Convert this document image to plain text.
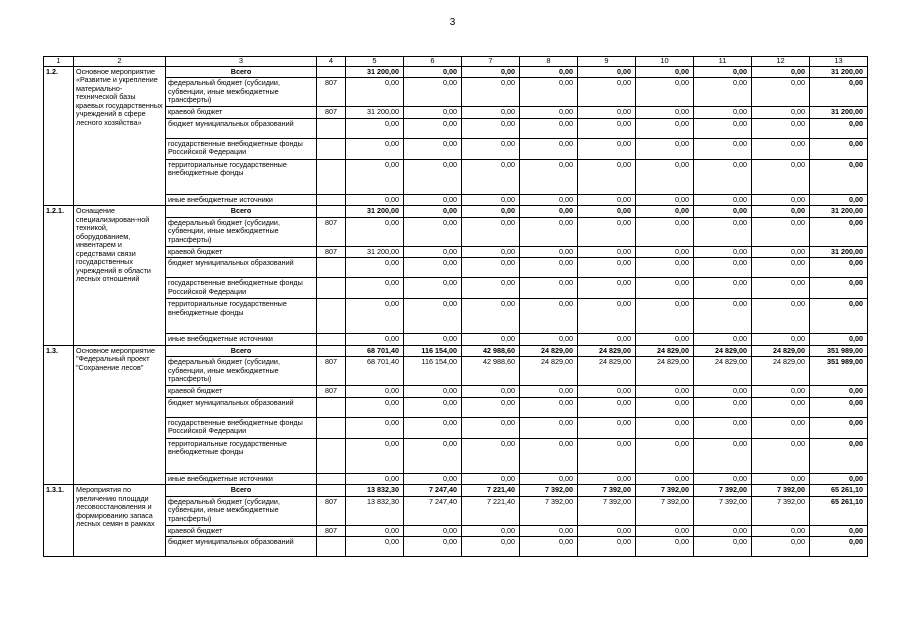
3
1	2	3	4	5	6	7	8	9	10	11	12	13
1.2.	Основное мероприятие «Развитие и укрепление материально-технической базы краевых государственных учреждений в сфере лесного хозяйства»	Всего		31 200,00	0,00	0,00	0,00	0,00	0,00	0,00	0,00	31 200,00
		федеральный бюджет (субсидии, субвенции, иные межбюджетные трансферты)	807	0,00	0,00	0,00	0,00	0,00	0,00	0,00	0,00	0,00
		краевой бюджет	807	31 200,00	0,00	0,00	0,00	0,00	0,00	0,00	0,00	31 200,00
		бюджет муниципальных образований		0,00	0,00	0,00	0,00	0,00	0,00	0,00	0,00	0,00
		государственные внебюджетные фонды Российской Федерации		0,00	0,00	0,00	0,00	0,00	0,00	0,00	0,00	0,00
		территориальные государственные внебюджетные фонды		0,00	0,00	0,00	0,00	0,00	0,00	0,00	0,00	0,00
		иные внебюджетные источники		0,00	0,00	0,00	0,00	0,00	0,00	0,00	0,00	0,00
1.2.1.	Оснащение специализирован-ной техникой, оборудованием, инвентарем и средствами связи государственных учреждений в области лесных отношений	Всего		31 200,00	0,00	0,00	0,00	0,00	0,00	0,00	0,00	31 200,00
		федеральный бюджет (субсидии, субвенции, иные межбюджетные трансферты)	807	0,00	0,00	0,00	0,00	0,00	0,00	0,00	0,00	0,00
		краевой бюджет	807	31 200,00	0,00	0,00	0,00	0,00	0,00	0,00	0,00	31 200,00
		бюджет муниципальных образований		0,00	0,00	0,00	0,00	0,00	0,00	0,00	0,00	0,00
		государственные внебюджетные фонды Российской Федерации		0,00	0,00	0,00	0,00	0,00	0,00	0,00	0,00	0,00
		территориальные государственные внебюджетные фонды		0,00	0,00	0,00	0,00	0,00	0,00	0,00	0,00	0,00
		иные внебюджетные источники		0,00	0,00	0,00	0,00	0,00	0,00	0,00	0,00	0,00
1.3.	Основное мероприятие "Федеральный проект "Сохранение лесов"	Всего		68 701,40	116 154,00	42 988,60	24 829,00	24 829,00	24 829,00	24 829,00	24 829,00	351 989,00
		федеральный бюджет (субсидии, субвенции, иные межбюджетные трансферты)	807	68 701,40	116 154,00	42 988,60	24 829,00	24 829,00	24 829,00	24 829,00	24 829,00	351 989,00
		краевой бюджет	807	0,00	0,00	0,00	0,00	0,00	0,00	0,00	0,00	0,00
		бюджет муниципальных образований		0,00	0,00	0,00	0,00	0,00	0,00	0,00	0,00	0,00
		государственные внебюджетные фонды Российской Федерации		0,00	0,00	0,00	0,00	0,00	0,00	0,00	0,00	0,00
		территориальные государственные внебюджетные фонды		0,00	0,00	0,00	0,00	0,00	0,00	0,00	0,00	0,00
		иные внебюджетные источники		0,00	0,00	0,00	0,00	0,00	0,00	0,00	0,00	0,00
1.3.1.	Мероприятия по увеличению площади лесовосстановления и формированию запаса лесных семян в рамках	Всего		13 832,30	7 247,40	7 221,40	7 392,00	7 392,00	7 392,00	7 392,00	7 392,00	65 261,10
		федеральный бюджет (субсидии, субвенции, иные межбюджетные трансферты)	807	13 832,30	7 247,40	7 221,40	7 392,00	7 392,00	7 392,00	7 392,00	7 392,00	65 261,10
		краевой бюджет	807	0,00	0,00	0,00	0,00	0,00	0,00	0,00	0,00	0,00
		бюджет муниципальных образований		0,00	0,00	0,00	0,00	0,00	0,00	0,00	0,00	0,00
